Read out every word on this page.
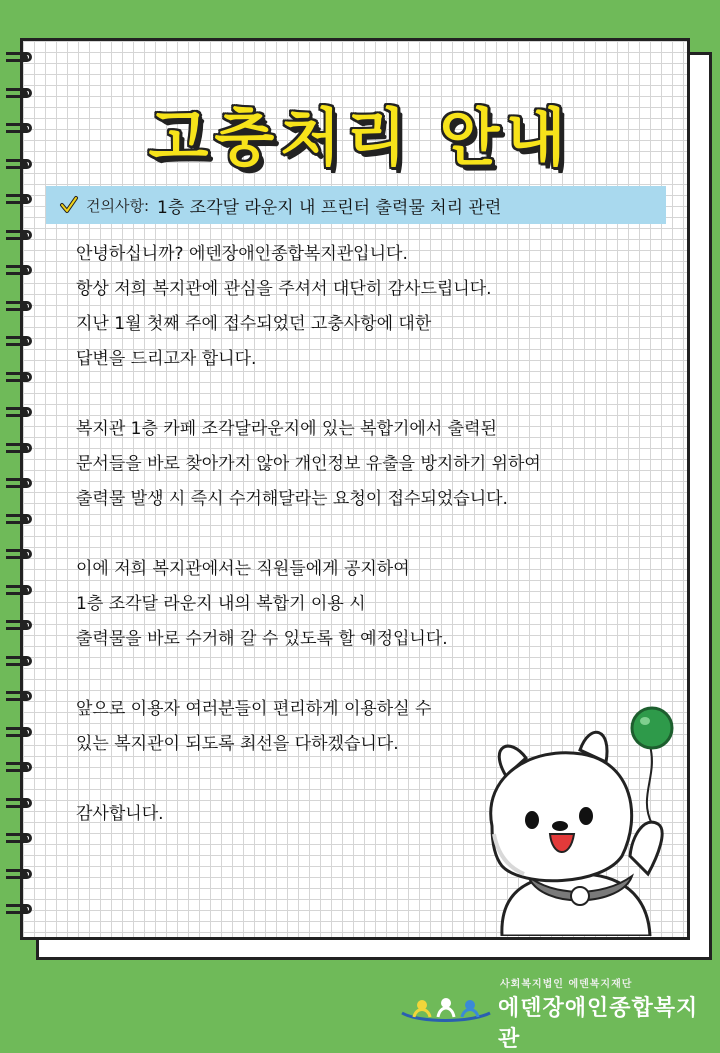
고충처리 안내
건의사항: 1층 조각달 라운지 내 프린터 출력물 처리 관련
안녕하십니까? 에덴장애인종합복지관입니다.
항상 저희 복지관에 관심을 주셔서 대단히 감사드립니다.
지난 1월 첫째 주에 접수되었던 고충사항에 대한
답변을 드리고자 합니다.
복지관 1층 카페 조각달라운지에 있는 복합기에서 출력된
문서들을 바로 찾아가지 않아 개인정보 유출을 방지하기 위하여
출력물 발생 시 즉시 수거해달라는 요청이 접수되었습니다.
이에 저희 복지관에서는 직원들에게 공지하여
1층 조각달 라운지 내의 복합기 이용 시
출력물을 바로 수거해 갈 수 있도록 할 예정입니다.
앞으로 이용자 여러분들이 편리하게 이용하실 수
있는 복지관이 되도록 최선을 다하겠습니다.
감사합니다.
사회복지법인 에덴복지재단
에덴장애인종합복지관
